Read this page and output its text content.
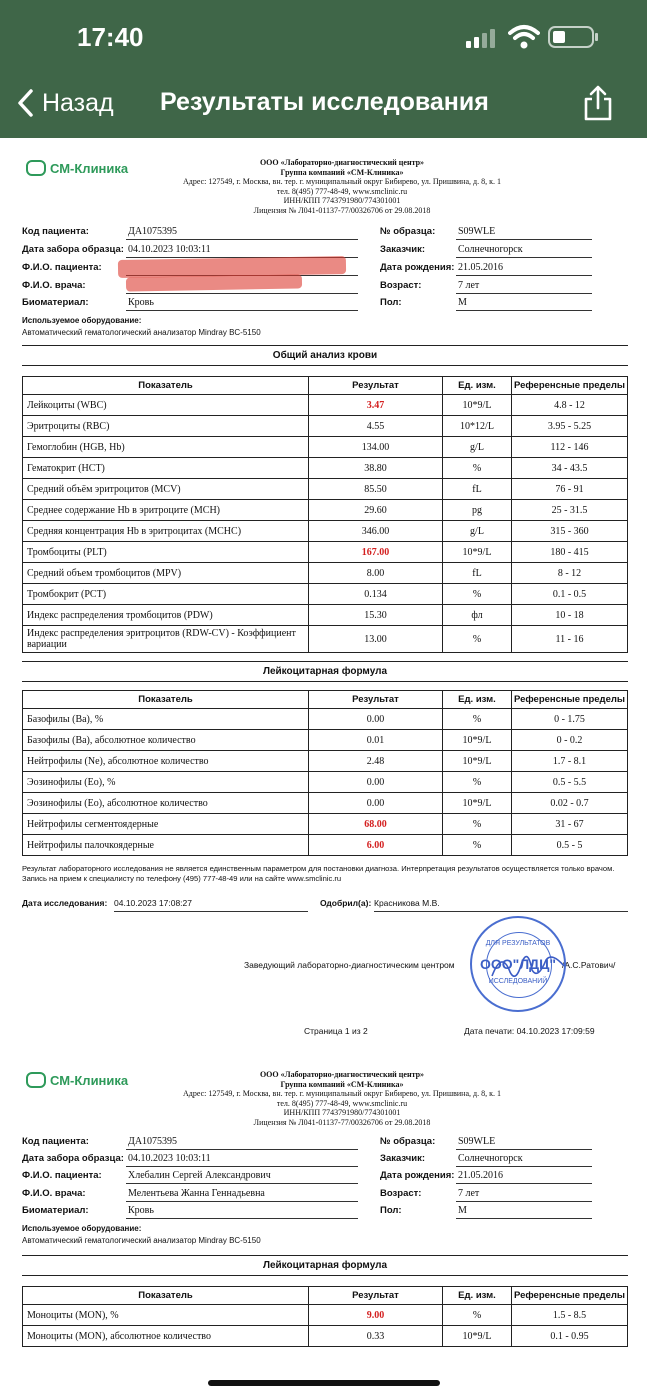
17:40
Назад Результаты исследования
СМ-Клиника	ООО «Лабораторно-диагностический центр»
Группа компаний «СМ-Клиника»
Адрес: 127549, г. Москва, вн. тер. г. муниципальный округ Бибирево, ул. Пришвина, д. 8, к. 1
тел. 8(495) 777-48-49, www.smclinic.ru
ИНН/КПП 7743791980/774301001
Лицензия № Л041-01137-77/00326706 от 29.08.2018
Код пациента:	ДА1075395	№ образца: S09WLE
Дата забора образца: 04.10.2023 10:03:11	Заказчик:	Солнечногорск
Ф.И.О. пациента:	Дата рождения: 21.05.2016
Ф.И.О. врача:	Возраст:	7 лет
Биоматериал:	Кровь	Пол:	М
Используемое оборудование:
Автоматический гематологический анализатор Mindray BC-5150
Общий анализ крови
Показатель	Результат	Ед. изм.	Референсные пределы
Лейкоциты (WBC)	3.47	10*9/L	4.8 - 12
Эритроциты (RBC)	4.55	10*12/L	3.95 - 5.25
Гемоглобин (HGB, Hb)	134.00	g/L	112 - 146
Гематокрит (HCT)	38.80	%	34 - 43.5
Средний объём эритроцитов (MCV)	85.50	fL	76 - 91
Среднее содержание Hb в эритроците (MCH)	29.60	pg	25 - 31.5
Средняя концентрация Hb в эритроцитах (MCHC)	346.00	g/L	315 - 360
Тромбоциты (PLT)	167.00	10*9/L	180 - 415
Средний объем тромбоцитов (MPV)	8.00	fL	8 - 12
Тромбокрит (PCT)	0.134	%	0.1 - 0.5
Индекс распределения тромбоцитов (PDW)	15.30	фл	10 - 18
Индекс распределения эритроцитов (RDW-CV) - Коэффициент вариации	13.00	%	11 - 16
Лейкоцитарная формула
Показатель	Результат	Ед. изм.	Референсные пределы
Базофилы (Ba), %	0.00	%	0 - 1.75
Базофилы (Ba), абсолютное количество	0.01	10*9/L	0 - 0.2
Нейтрофилы (Ne), абсолютное количество	2.48	10*9/L	1.7 - 8.1
Эозинофилы (Eo), %	0.00	%	0.5 - 5.5
Эозинофилы (Eo), абсолютное количество	0.00	10*9/L	0.02 - 0.7
Нейтрофилы сегментоядерные	68.00	%	31 - 67
Нейтрофилы палочкоядерные	6.00	%	0.5 - 5
Результат лабораторного исследования не является единственным параметром для постановки диагноза. Интерпретация результатов осуществляется только врачом. Запись на прием к специалисту по телефону (495) 777-48-49 или на сайте www.smclinic.ru
Дата исследования: 04.10.2023 17:08:27	Одобрил(а): Красникова М.В.
Заведующий лабораторно-диагностическим центром	/А.С.Ратович/
Страница 1 из 2	Дата печати: 04.10.2023 17:09:59
ДЛЯ РЕЗУЛЬТАТОВ
ООО"ЛДЦ"
ИССЛЕДОВАНИЙ
СМ-Клиника	ООО «Лабораторно-диагностический центр»
Группа компаний «СМ-Клиника»
Адрес: 127549, г. Москва, вн. тер. г. муниципальный округ Бибирево, ул. Пришвина, д. 8, к. 1
тел. 8(495) 777-48-49, www.smclinic.ru
ИНН/КПП 7743791980/774301001
Лицензия № Л041-01137-77/00326706 от 29.08.2018
Код пациента:	ДА1075395	№ образца: S09WLE
Дата забора образца: 04.10.2023 10:03:11	Заказчик:	Солнечногорск
Ф.И.О. пациента:	Хлебалин Сергей Александрович	Дата рождения: 21.05.2016
Ф.И.О. врача:	Мелентьева Жанна Геннадьевна	Возраст:	7 лет
Биоматериал:	Кровь	Пол:	М
Используемое оборудование:
Автоматический гематологический анализатор Mindray BC-5150
Лейкоцитарная формула
Показатель	Результат	Ед. изм.	Референсные пределы
Моноциты (MON), %	9.00	%	1.5 - 8.5
Моноциты (MON), абсолютное количество	0.33	10*9/L	0.1 - 0.95
